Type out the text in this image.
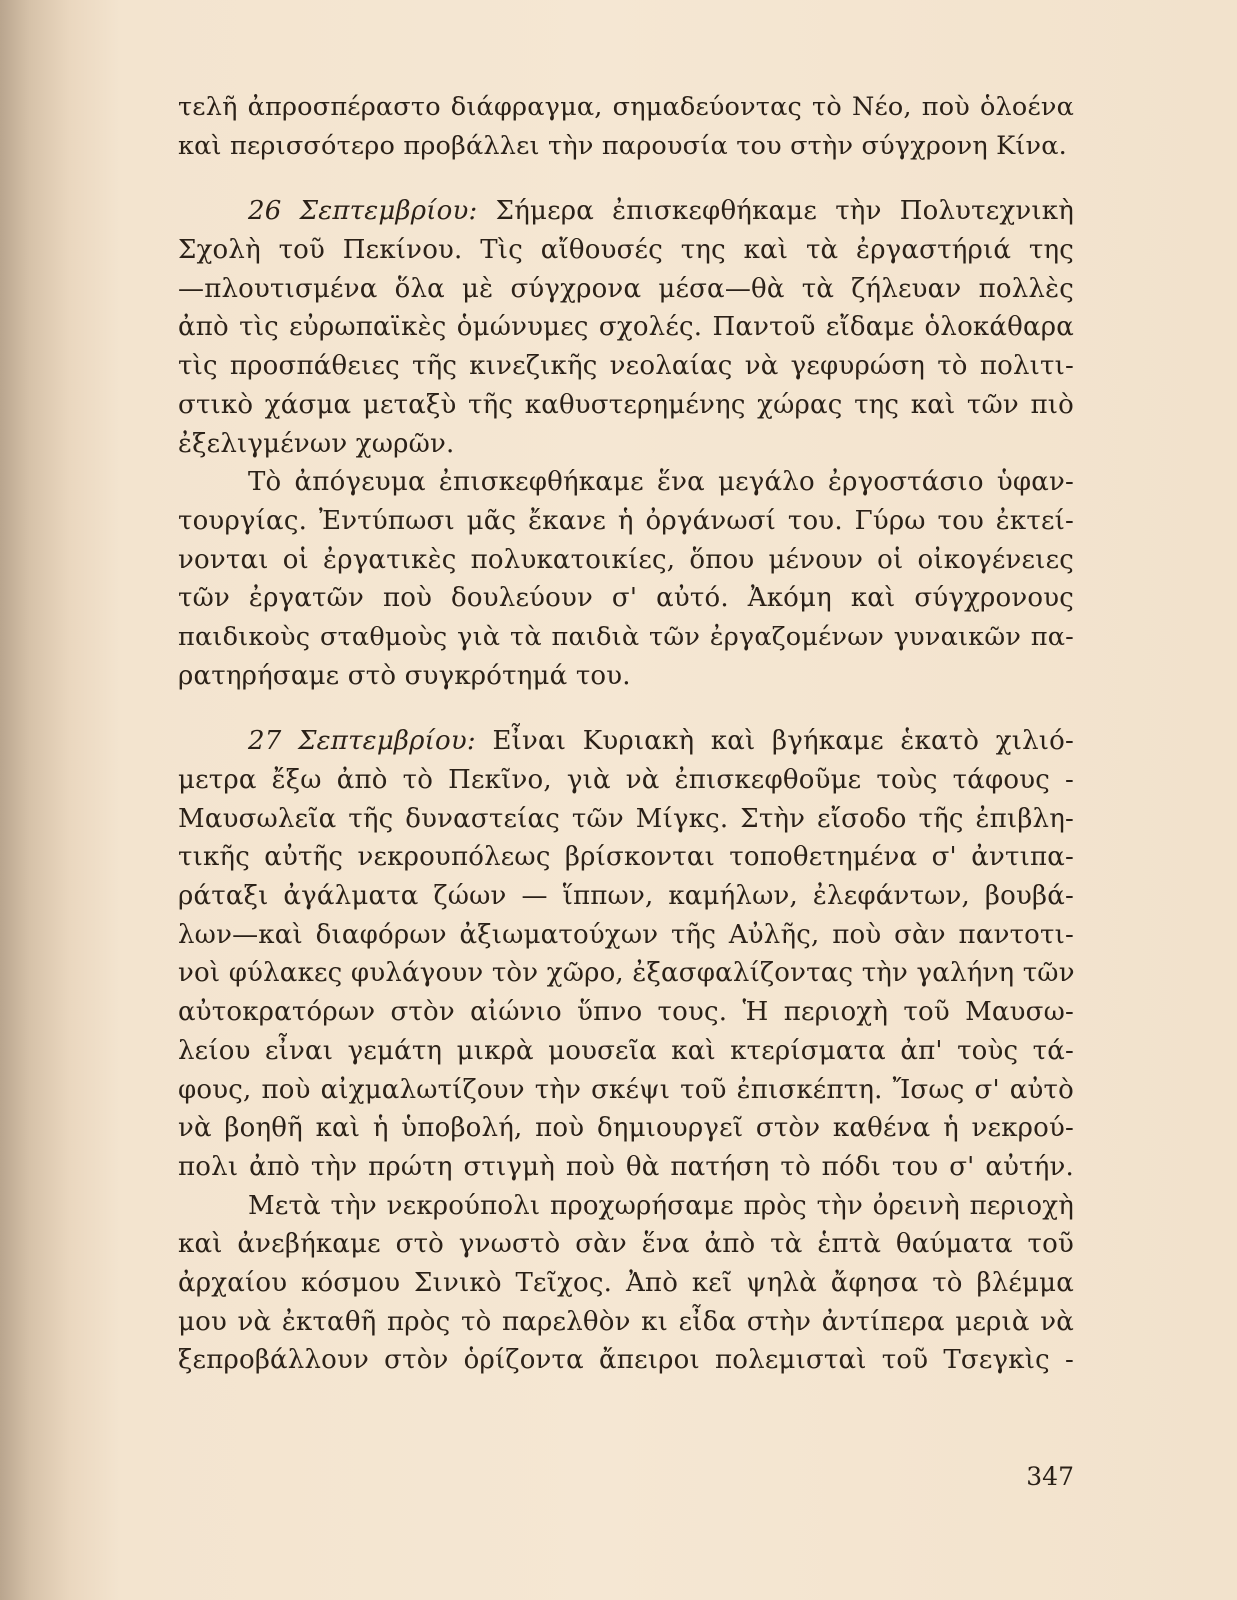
τελῆ ἀπροσπέραστο διάφραγμα, σημαδεύοντας τὸ Νέο, ποὺ ὁλοένα
καὶ περισσότερο προβάλλει τὴν παρουσία του στὴν σύγχρονη Κίνα.
26 Σεπτεμβρίου: Σήμερα ἐπισκεφθήκαμε τὴν Πολυτεχνικὴ
Σχολὴ τοῦ Πεκίνου. Τὶς αἴθουσές της καὶ τὰ ἐργαστήριά της
—πλουτισμένα ὅλα μὲ σύγχρονα μέσα—θὰ τὰ ζήλευαν πολλὲς
ἀπὸ τὶς εὐρωπαϊκὲς ὁμώνυμες σχολές. Παντοῦ εἴδαμε ὁλοκάθαρα
τὶς προσπάθειες τῆς κινεζικῆς νεολαίας νὰ γεφυρώση τὸ πολιτι-
στικὸ χάσμα μεταξὺ τῆς καθυστερημένης χώρας της καὶ τῶν πιὸ
ἐξελιγμένων χωρῶν.
Τὸ ἀπόγευμα ἐπισκεφθήκαμε ἕνα μεγάλο ἐργοστάσιο ὑφαν-
τουργίας. Ἐντύπωσι μᾶς ἔκανε ἡ ὀργάνωσί του. Γύρω του ἐκτεί-
νονται οἱ ἐργατικὲς πολυκατοικίες, ὅπου μένουν οἱ οἰκογένειες
τῶν ἐργατῶν ποὺ δουλεύουν σ' αὐτό. Ἀκόμη καὶ σύγχρονους
παιδικοὺς σταθμοὺς γιὰ τὰ παιδιὰ τῶν ἐργαζομένων γυναικῶν πα-
ρατηρήσαμε στὸ συγκρότημά του.
27 Σεπτεμβρίου: Εἶναι Κυριακὴ καὶ βγήκαμε ἑκατὸ χιλιό-
μετρα ἔξω ἀπὸ τὸ Πεκῖνο, γιὰ νὰ ἐπισκεφθοῦμε τοὺς τάφους -
Μαυσωλεῖα τῆς δυναστείας τῶν Μίγκς. Στὴν εἴσοδο τῆς ἐπιβλη-
τικῆς αὐτῆς νεκρουπόλεως βρίσκονται τοποθετημένα σ' ἀντιπα-
ράταξι ἀγάλματα ζώων — ἵππων, καμήλων, ἐλεφάντων, βουβά-
λων—καὶ διαφόρων ἀξιωματούχων τῆς Αὐλῆς, ποὺ σὰν παντοτι-
νοὶ φύλακες φυλάγουν τὸν χῶρο, ἐξασφαλίζοντας τὴν γαλήνη τῶν
αὐτοκρατόρων στὸν αἰώνιο ὕπνο τους. Ἡ περιοχὴ τοῦ Μαυσω-
λείου εἶναι γεμάτη μικρὰ μουσεῖα καὶ κτερίσματα ἀπ' τοὺς τά-
φους, ποὺ αἰχμαλωτίζουν τὴν σκέψι τοῦ ἐπισκέπτη. Ἴσως σ' αὐτὸ
νὰ βοηθῆ καὶ ἡ ὑποβολή, ποὺ δημιουργεῖ στὸν καθένα ἡ νεκρού-
πολι ἀπὸ τὴν πρώτη στιγμὴ ποὺ θὰ πατήση τὸ πόδι του σ' αὐτήν.
Μετὰ τὴν νεκρούπολι προχωρήσαμε πρὸς τὴν ὀρεινὴ περιοχὴ
καὶ ἀνεβήκαμε στὸ γνωστὸ σὰν ἕνα ἀπὸ τὰ ἑπτὰ θαύματα τοῦ
ἀρχαίου κόσμου Σινικὸ Τεῖχος. Ἀπὸ κεῖ ψηλὰ ἄφησα τὸ βλέμμα
μου νὰ ἐκταθῆ πρὸς τὸ παρελθὸν κι εἶδα στὴν ἀντίπερα μεριὰ νὰ
ξεπροβάλλουν στὸν ὁρίζοντα ἄπειροι πολεμισταὶ τοῦ Τσεγκὶς -
347
